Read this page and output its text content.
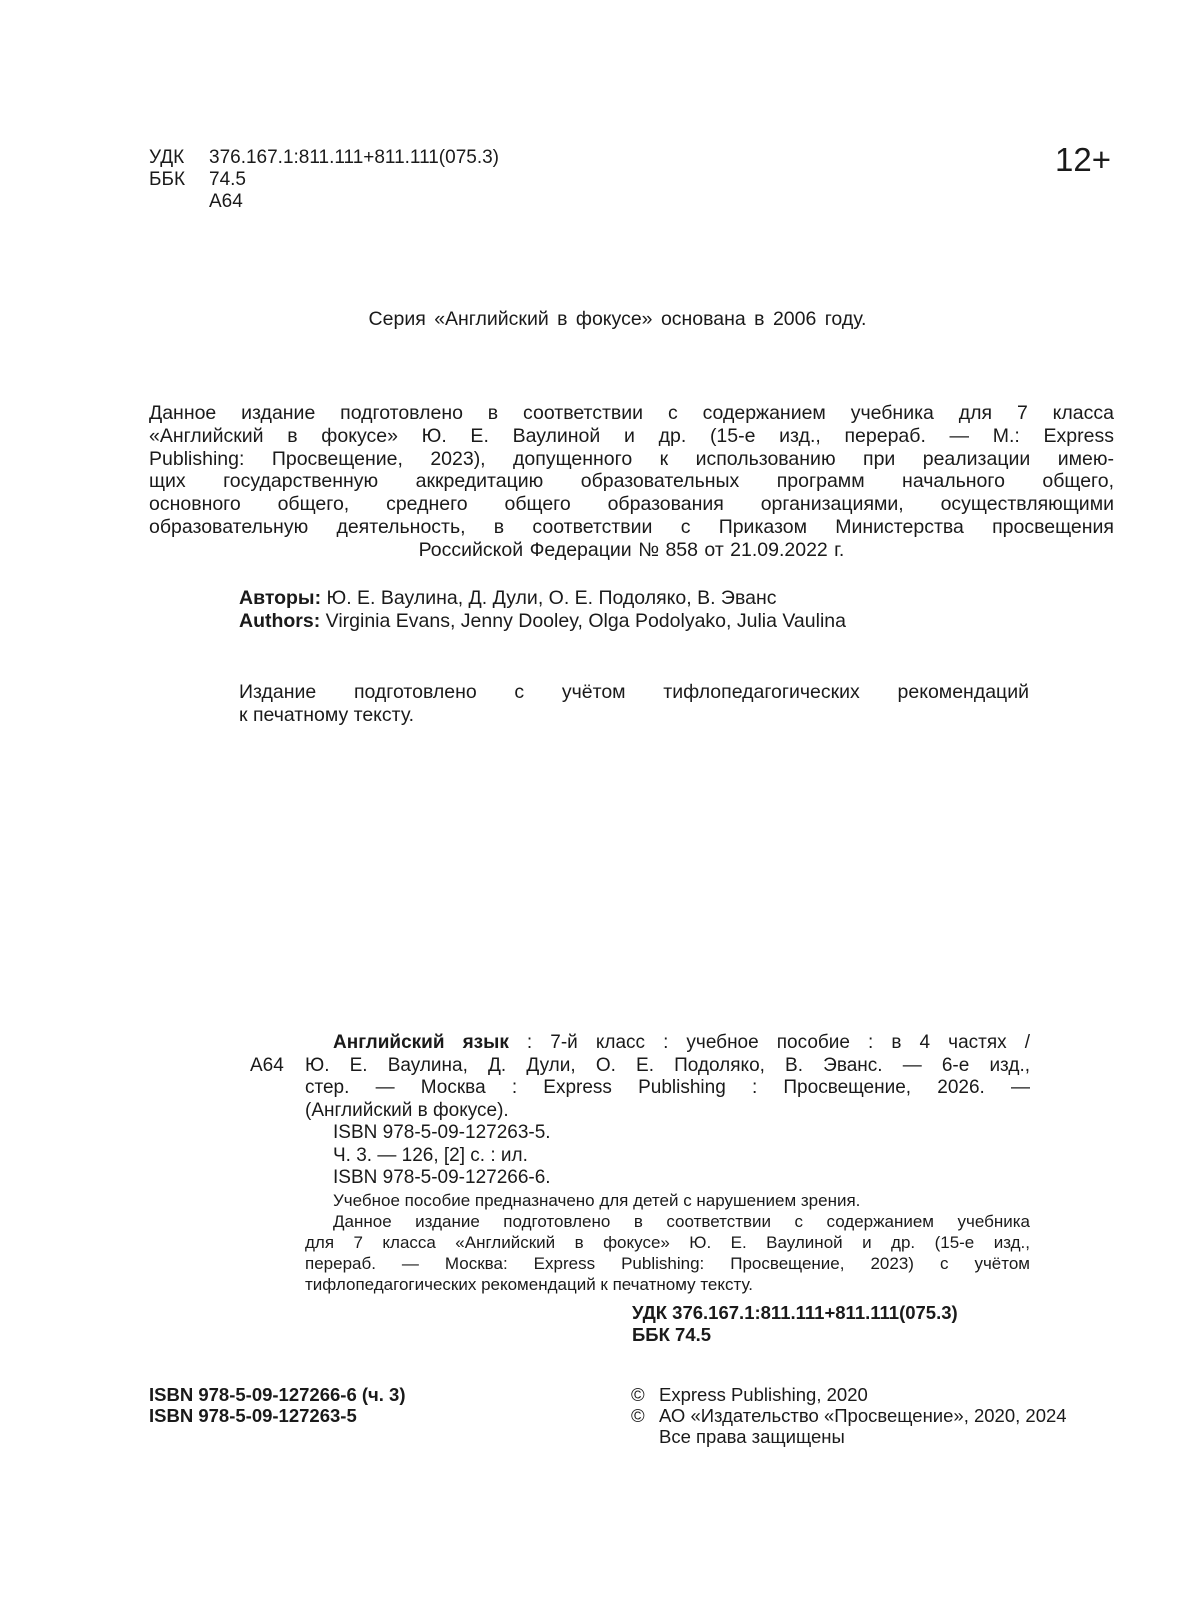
УДК	376.167.1:811.111+811.111(075.3)
ББК	74.5
А64
12+
Серия «Английский в фокусе» основана в 2006 году.
Данное издание подготовлено в соответствии с содержанием учебника для 7 класса
«Английский в фокусе» Ю. Е. Ваулиной и др. (15-е изд., перераб. — М.: Express
Publishing: Просвещение, 2023), допущенного к использованию при реализации имею-
щих государственную аккредитацию образовательных программ начального общего,
основного общего, среднего общего образования организациями, осуществляющими
образовательную деятельность, в соответствии с Приказом Министерства просвещения
Российской Федерации № 858 от 21.09.2022 г.
Авторы: Ю. Е. Ваулина, Д. Дули, О. Е. Подоляко, В. Эванс
Authors: Virginia Evans, Jenny Dooley, Olga Podolyako, Julia Vaulina
Издание подготовлено с учётом тифлопедагогических рекомендаций
к печатному тексту.
А64
Английский язык : 7-й класс : учебное пособие : в 4 частях /
Ю. Е. Ваулина, Д. Дули, О. Е. Подоляко, В. Эванс. — 6-е изд.,
стер. — Москва : Express Publishing : Просвещение, 2026. —
(Английский в фокусе).
ISBN 978-5-09-127263-5.
Ч. 3. — 126, [2] с. : ил.
ISBN 978-5-09-127266-6.
Учебное пособие предназначено для детей с нарушением зрения.
Данное издание подготовлено в соответствии с содержанием учебника
для 7 класса «Английский в фокусе» Ю. Е. Ваулиной и др. (15-е изд.,
перераб. — Москва: Express Publishing: Просвещение, 2023) с учётом
тифлопедагогических рекомендаций к печатному тексту.
УДК 376.167.1:811.111+811.111(075.3)
ББК 74.5
ISBN 978-5-09-127266-6 (ч. 3)
ISBN 978-5-09-127263-5
© Express Publishing, 2020
© АО «Издательство «Просвещение», 2020, 2024
Все права защищены
